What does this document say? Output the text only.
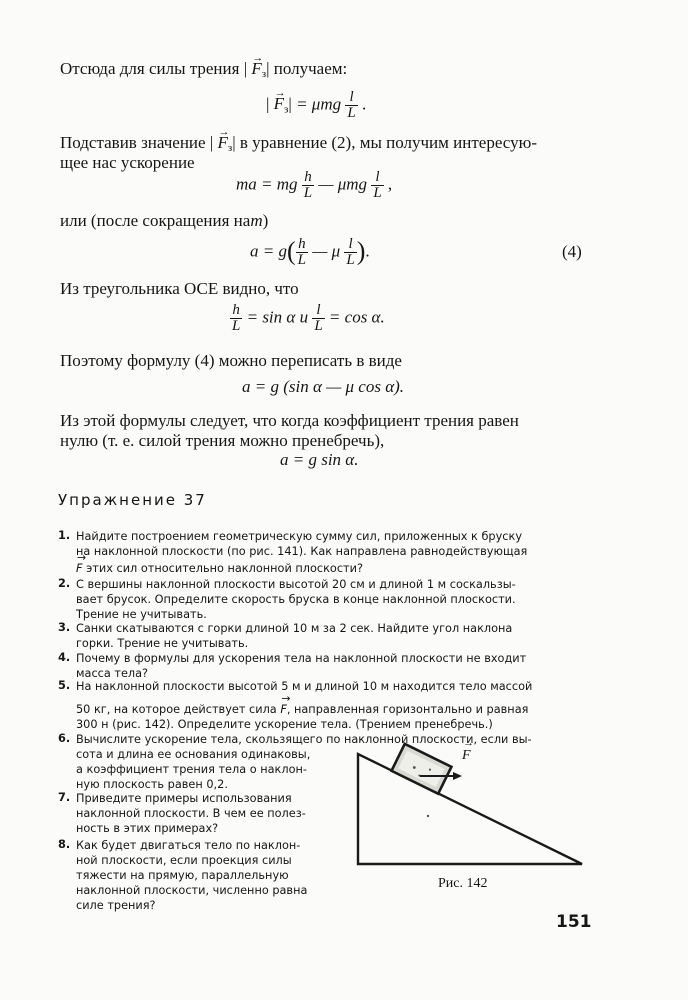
Отсюда для силы трения | → $F_з|$ получаем:
| → $F_з| = \mu mg \frac{l}{L}$ .
Подставив значение | → $F_з|$ в уравнение (2), мы получим интересую-
щее нас ускорение
ma = mg $\frac{h}{L}$ — μmg $\frac{l}{L}$ ,
или (после сокращения наm)
$a = g( \frac{h}{L}$ — μ $\frac{l}{L}$ ).	(4)
Из треугольника ОСЕ видно, что
$\frac{h}{L} = \sin \alpha$ и $\frac{l}{L} = \cos \alpha$.
Поэтому формулу (4) можно переписать в виде
a = g (sin α — μ cos α).
Из этой формулы следует, что когда коэффициент трения равен
нулю (т. е. силой трения можно пренебречь),
a = g sin α.
Упражнение 37
1. Найдите построением геометрическую сумму сил, приложенных к бруску
на наклонной плоскости (по рис. 141). Как направлена равнодействующая
→ F этих сил относительно наклонной плоскости?
2. С вершины наклонной плоскости высотой 20 см и длиной 1 м соскальзы-
вает брусок. Определите скорость бруска в конце наклонной плоскости.
Трение не учитывать.
3. Санки скатываются с горки длиной 10 м за 2 сек. Найдите угол наклона
горки. Трение не учитывать.
4. Почему в формулы для ускорения тела на наклонной плоскости не входит
масса тела?
5. На наклонной плоскости высотой 5 м и длиной 10 м находится тело массой
50 кг, на которое действует сила → F, направленная горизонтально и равная
300 н (рис. 142). Определите ускорение тела. (Трением пренебречь.)
6. Вычислите ускорение тела, скользящего по наклонной плоскости, если вы-
сота и длина ее основания одинаковы,
а коэффициент трения тела о наклон-
ную плоскость равен 0,2.
7. Приведите примеры использования
наклонной плоскости. В чем ее полез-
ность в этих примерах?
8. Как будет двигаться тело по наклон-
ной плоскости, если проекция силы
тяжести на прямую, параллельную
наклонной плоскости, численно равна
силе трения?
→ F
Рис. 142
151
